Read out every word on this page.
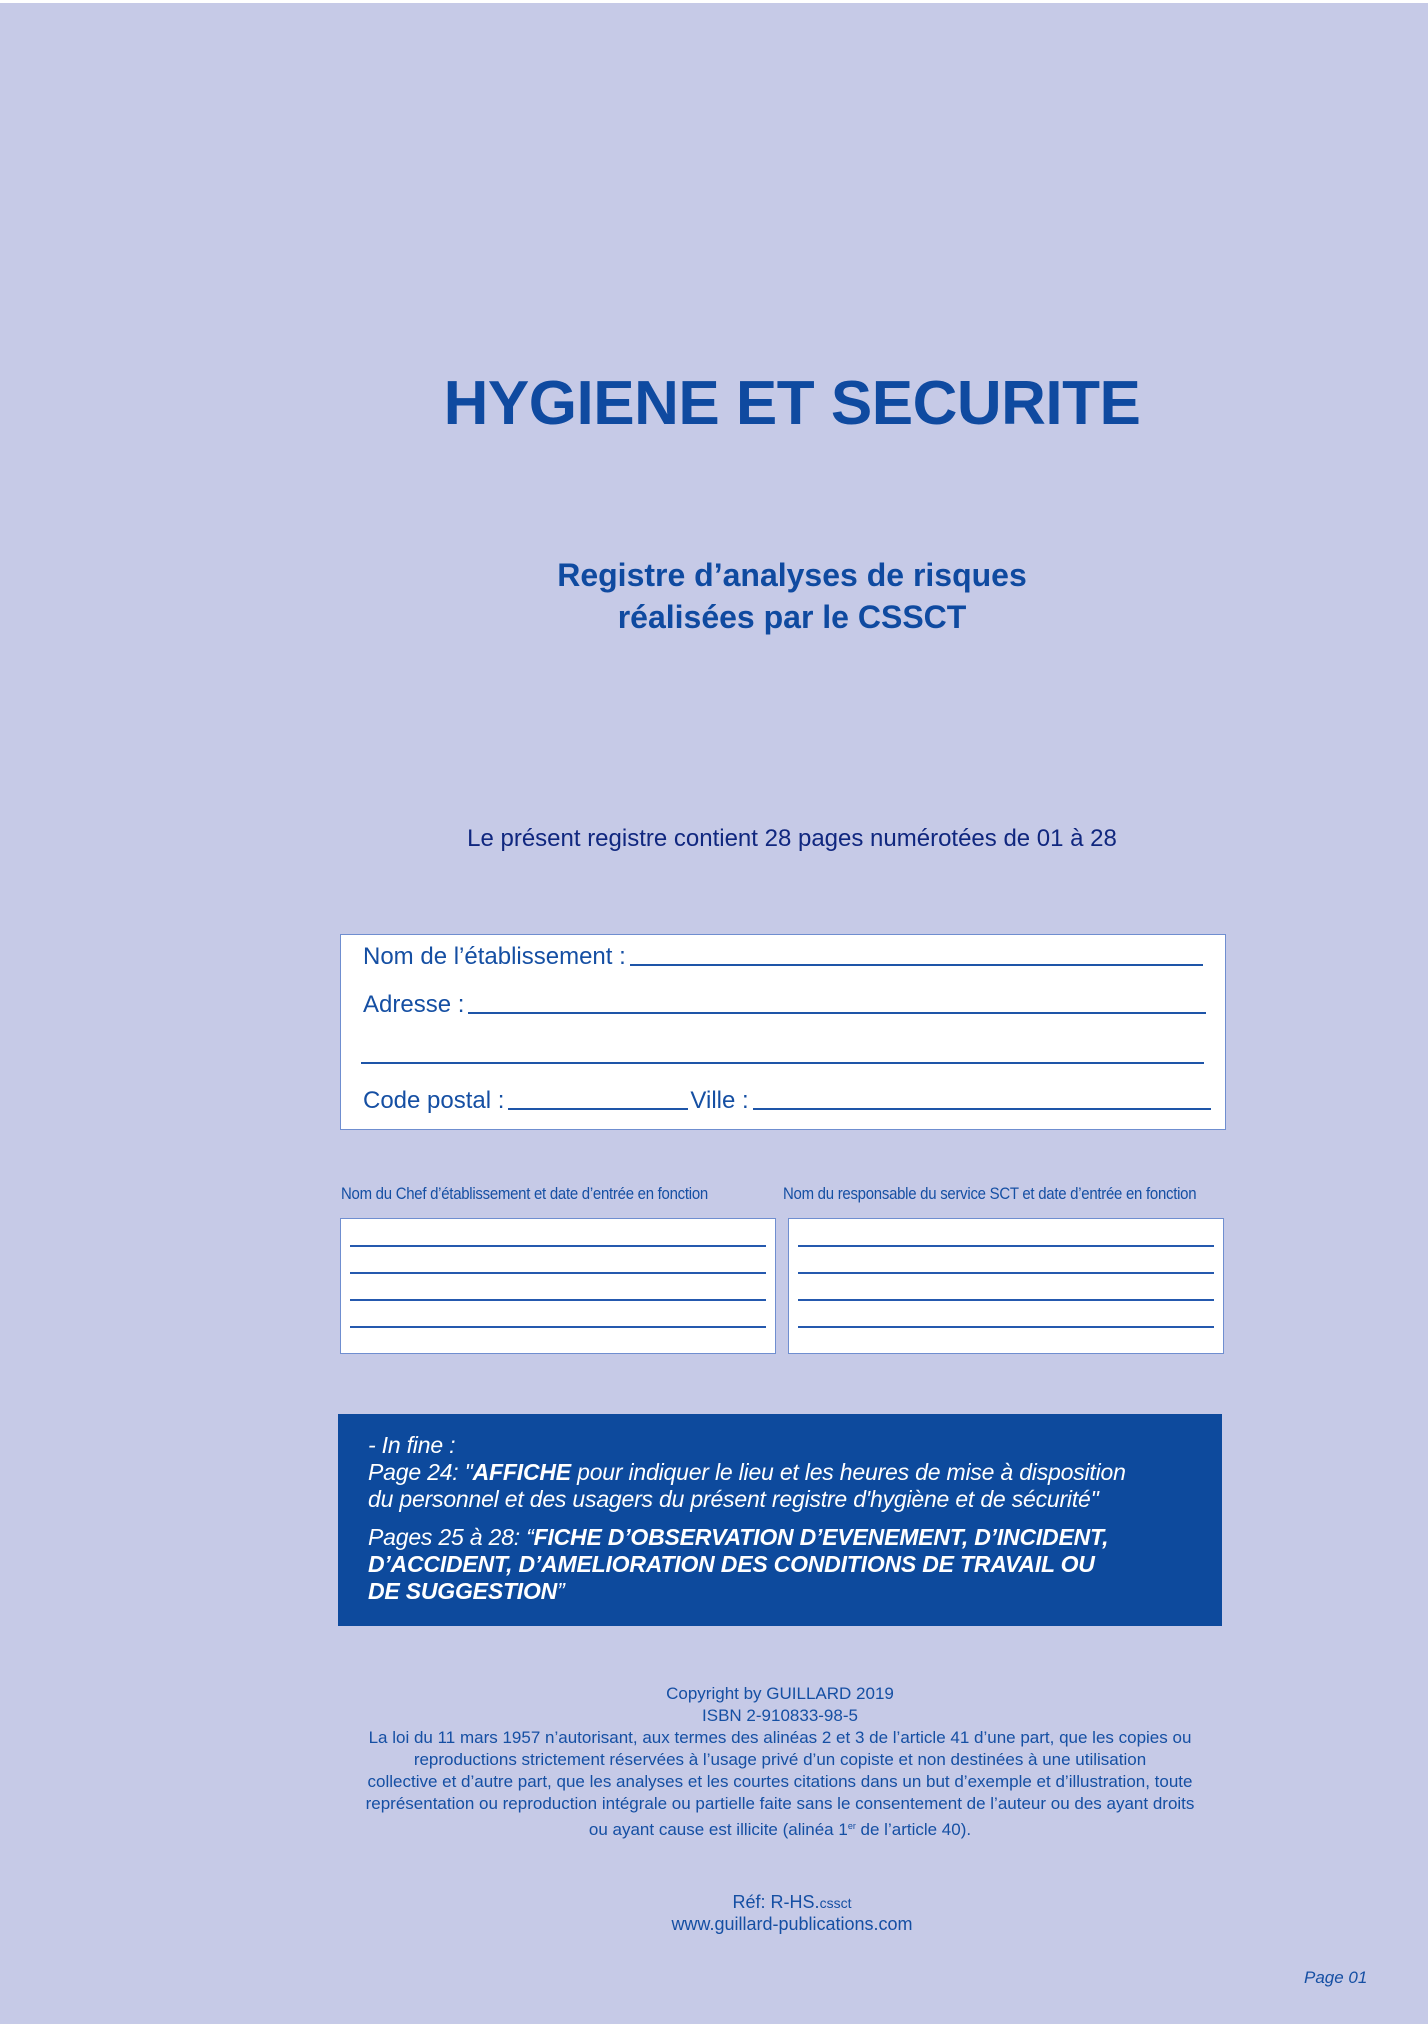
HYGIENE ET SECURITE
Registre d’analyses de risques
réalisées par le CSSCT
Le présent registre contient 28 pages numérotées de 01 à 28
Nom de l’établissement :
Adresse :
Code postal :	Ville :
Nom du Chef d’établissement et date d’entrée en fonction	Nom du responsable du service SCT et date d’entrée en fonction

- In fine :

Page 24: "AFFICHE pour indiquer le lieu et les heures de mise à disposition

du personnel et des usagers du présent registre d'hygiène et de sécurité"

Pages 25 à 28: “FICHE D’OBSERVATION D’EVENEMENT, D’INCIDENT,

D’ACCIDENT, D’AMELIORATION DES CONDITIONS DE TRAVAIL OU

DE SUGGESTION”

Copyright by GUILLARD 2019
ISBN 2-910833-98-5
La loi du 11 mars 1957 n’autorisant, aux termes des alinéas 2 et 3 de l’article 41 d’une part, que les copies ou
reproductions strictement réservées à l’usage privé d’un copiste et non destinées à une utilisation
collective et d’autre part, que les analyses et les courtes citations dans un but d’exemple et d’illustration, toute
représentation ou reproduction intégrale ou partielle faite sans le consentement de l’auteur ou des ayant droits
ou ayant cause est illicite (alinéa 1er de l’article 40).
Réf: R-HS.cssct
www.guillard-publications.com
Page 01
